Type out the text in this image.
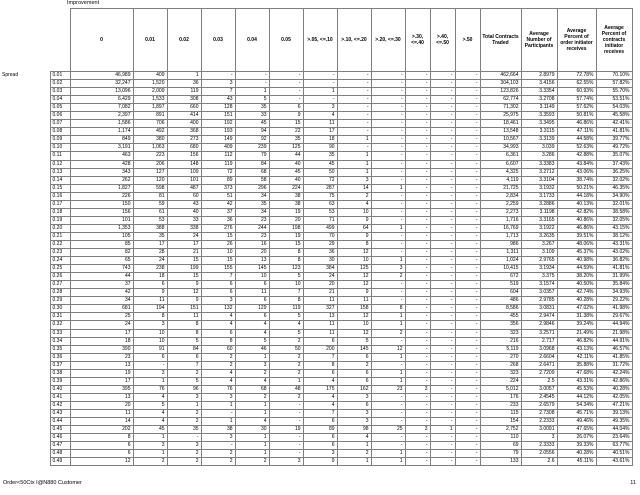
Improvement
		0	0.01	0.02	0.03	0.04	0.05	>.05, <=.10	>.10, <=.20	>.20, <=.30	>.30, <=.40	>.40, <=.50	>.50	Total Contracts Traded	Average Number of Participants	Average Percent of order initiator receives	Average Percent of contracts initiator receives
Spread	0.01	46,989	409	1	-	-	-	-	-	-	-	-	-	462,664	2.8979	72.78%	70.10%
	0.02	32,247	1,520	36	3	-	-	-	-	-	-	-	-	304,103	3.4156	62.55%	57.82%
	0.03	13,096	2,009	119	7	1	-	1	-	-	-	-	-	123,826	3.3354	60.93%	55.70%
	0.04	6,429	1,533	308	43	5	-	-	-	-	-	-	-	62,774	3.2708	57.74%	53.51%
	0.05	7,082	1,897	660	128	35	6	3	-	-	-	-	-	71,302	3.1149	57.62%	54.03%
	0.06	2,397	891	414	151	33	9	4	-	-	-	-	-	25,975	3.3593	50.81%	45.58%
	0.07	1,586	706	400	192	45	15	11	-	-	-	-	-	18,461	3.3495	46.86%	42.41%
	0.08	1,174	492	368	193	94	22	17	-	-	-	-	-	13,548	3.3115	47.11%	41.81%
	0.09	849	380	273	149	92	35	18	1	-	-	-	-	10,567	3.3139	44.58%	39.77%
	0.10	3,191	1,063	680	409	239	125	90	-	-	-	-	-	34,993	3.039	52.63%	49.72%
	0.11	463	223	156	112	79	44	35	1	-	-	-	-	6,361	3.286	42.88%	35.07%
	0.12	428	206	148	119	84	40	45	1	-	-	-	-	6,607	3.3383	43.84%	37.43%
	0.13	343	127	109	72	68	45	50	1	-	-	-	-	4,325	3.2712	43.06%	36.25%
	0.14	262	120	101	89	58	40	72	3	-	-	-	-	4,119	3.3104	38.74%	32.02%
	0.15	1,827	598	487	373	296	224	287	14	1	-	-	-	21,725	3.1932	50.21%	46.35%
	0.16	226	81	60	51	34	38	75	2	-	-	-	-	2,834	3.1733	44.18%	34.90%
	0.17	150	59	43	42	35	38	63	4	-	-	-	-	2,259	3.2886	40.13%	32.01%
	0.18	156	61	40	37	34	19	53	10	-	-	-	-	2,273	3.1198	42.82%	38.58%
	0.19	101	53	33	36	23	20	71	9	-	-	-	-	1,716	3.3165	40.86%	32.05%
	0.20	1,353	388	338	276	244	198	499	64	1	-	-	-	16,769	3.1922	46.86%	43.15%
	0.21	105	35	24	15	23	19	70	9	-	-	-	-	1,713	3.2635	39.51%	38.12%
	0.22	85	17	17	26	16	15	29	8	-	-	-	-	986	3.267	48.06%	43.31%
	0.23	82	28	21	10	20	8	36	12	-	-	-	-	1,311	3.109	45.37%	43.02%
	0.24	65	24	15	15	13	8	30	10	1	-	-	-	1,024	2.9765	40.98%	36.82%
	0.25	743	238	199	155	145	123	384	125	3	-	-	-	10,415	3.1934	44.59%	41.81%
	0.26	44	18	15	7	10	5	24	12	2	-	-	-	672	3.375	38.20%	31.99%
	0.27	37	6	9	6	6	10	20	12	-	-	-	-	519	3.1574	40.50%	35.84%
	0.28	42	9	12	6	11	7	21	9	-	-	-	-	604	3.0357	42.74%	34.93%
	0.29	34	11	9	3	6	8	11	11	-	-	-	-	486	2.9785	40.28%	29.22%
	0.30	681	194	151	132	129	119	327	158	8	-	-	-	8,586	3.0831	47.02%	41.98%
	0.31	25	8	11	4	6	5	13	12	1	-	-	-	455	2.9474	31.38%	29.67%
	0.32	24	3	8	4	4	4	11	10	1	-	-	-	356	2.9846	39.24%	44.94%
	0.33	17	10	8	6	4	5	11	12	2	-	-	-	323	3.2571	21.49%	21.98%
	0.34	18	10	5	8	5	2	6	5	-	-	-	-	216	2.717	46.82%	44.91%
	0.35	390	91	84	60	46	50	200	145	12	-	-	-	5,119	3.0968	43.13%	46.57%
	0.36	23	6	6	2	1	2	7	6	1	-	-	-	270	2.6604	42.11%	41.85%
	0.37	13	-	7	2	3	2	8	2	-	-	-	-	268	2.6471	35.88%	31.72%
	0.38	19	3	2	4	2	2	6	6	1	-	-	-	323	2.7209	47.68%	42.24%
	0.39	17	1	5	4	4	1	4	6	1	-	-	-	224	2.5	43.31%	42.86%
	0.40	395	76	96	76	68	48	175	162	23	3	-	-	5,012	3.0057	45.53%	40.28%
	0.41	13	4	3	3	2	2	4	3	-	-	-	-	176	2.4545	44.12%	42.05%
	0.42	20	5	1	1	1	-	4	6	-	-	-	-	233	2.6579	54.34%	47.21%
	0.43	11	4	2	-	1	-	7	3	-	-	-	-	115	2.7308	45.71%	39.13%
	0.44	14	4	2	1	4	-	6	3	-	-	-	-	154	2.2333	49.46%	49.35%
	0.45	202	45	35	38	30	19	89	98	25	3	1	-	2,752	3.0091	47.65%	44.04%
	0.46	8	1	-	3	1	-	6	4	-	-	-	-	110	3	26.07%	23.64%
	0.47	6	3	3	-	1	-	6	1	-	-	-	-	69	2.3333	39.33%	63.77%
	0.48	6	1	2	2	1	-	3	2	1	-	-	-	79	2.0556	40.28%	40.51%
	0.49	12	2	2	2	2	3	9	1	1	-	-	-	133	2.6	45.11%	43.61%
Order<50Ctx I@N880 Customer	11
